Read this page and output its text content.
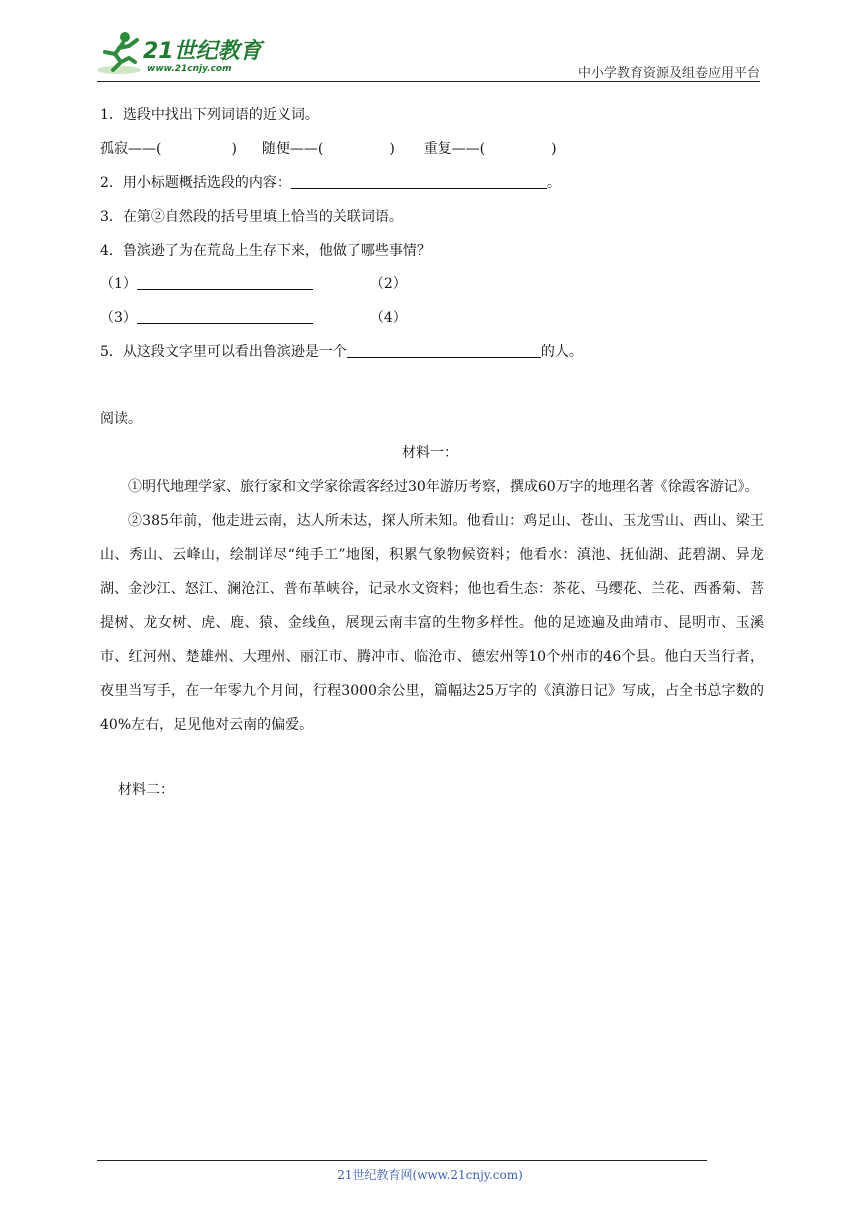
21世纪教育
www.21cnjy.com	中小学教育资源及组卷应用平台
1．选段中找出下列词语的近义词。
孤寂——(	) 随便——(	) 重复——(	)
2．用小标题概括选段的内容：	。
3．在第②自然段的括号里填上恰当的关联词语。
4．鲁滨逊了为在荒岛上生存下来，他做了哪些事情？
（1）	（2）
（3）	（4）
5．从这段文字里可以看出鲁滨逊是一个	的人。
阅读。
材料一：

①明代地理学家、旅行家和文学家徐霞客经过30年游历考察，撰成60万字的地理名著《徐霞客游记》。

②385年前，他走进云南，达人所未达，探人所未知。他看山：鸡足山、苍山、玉龙雪山、西山、梁王山、秀山、云峰山，绘制详尽“纯手工”地图，积累气象物候资料；他看水：滇池、抚仙湖、茈碧湖、异龙湖、金沙江、怒江、澜沧江、普布革峡谷，记录水文资料；他也看生态：茶花、马缨花、兰花、西番菊、菩提树、龙女树、虎、鹿、猿、金线鱼，展现云南丰富的生物多样性。他的足迹遍及曲靖市、昆明市、玉溪市、红河州、楚雄州、大理州、丽江市、腾冲市、临沧市、德宏州等10个州市的46个县。他白天当行者，夜里当写手，在一年零九个月间，行程3000余公里，篇幅达25万字的《滇游日记》写成，占全书总字数的40%左右，足见他对云南的偏爱。

材料二：
21世纪教育网(www.21cnjy.com)
